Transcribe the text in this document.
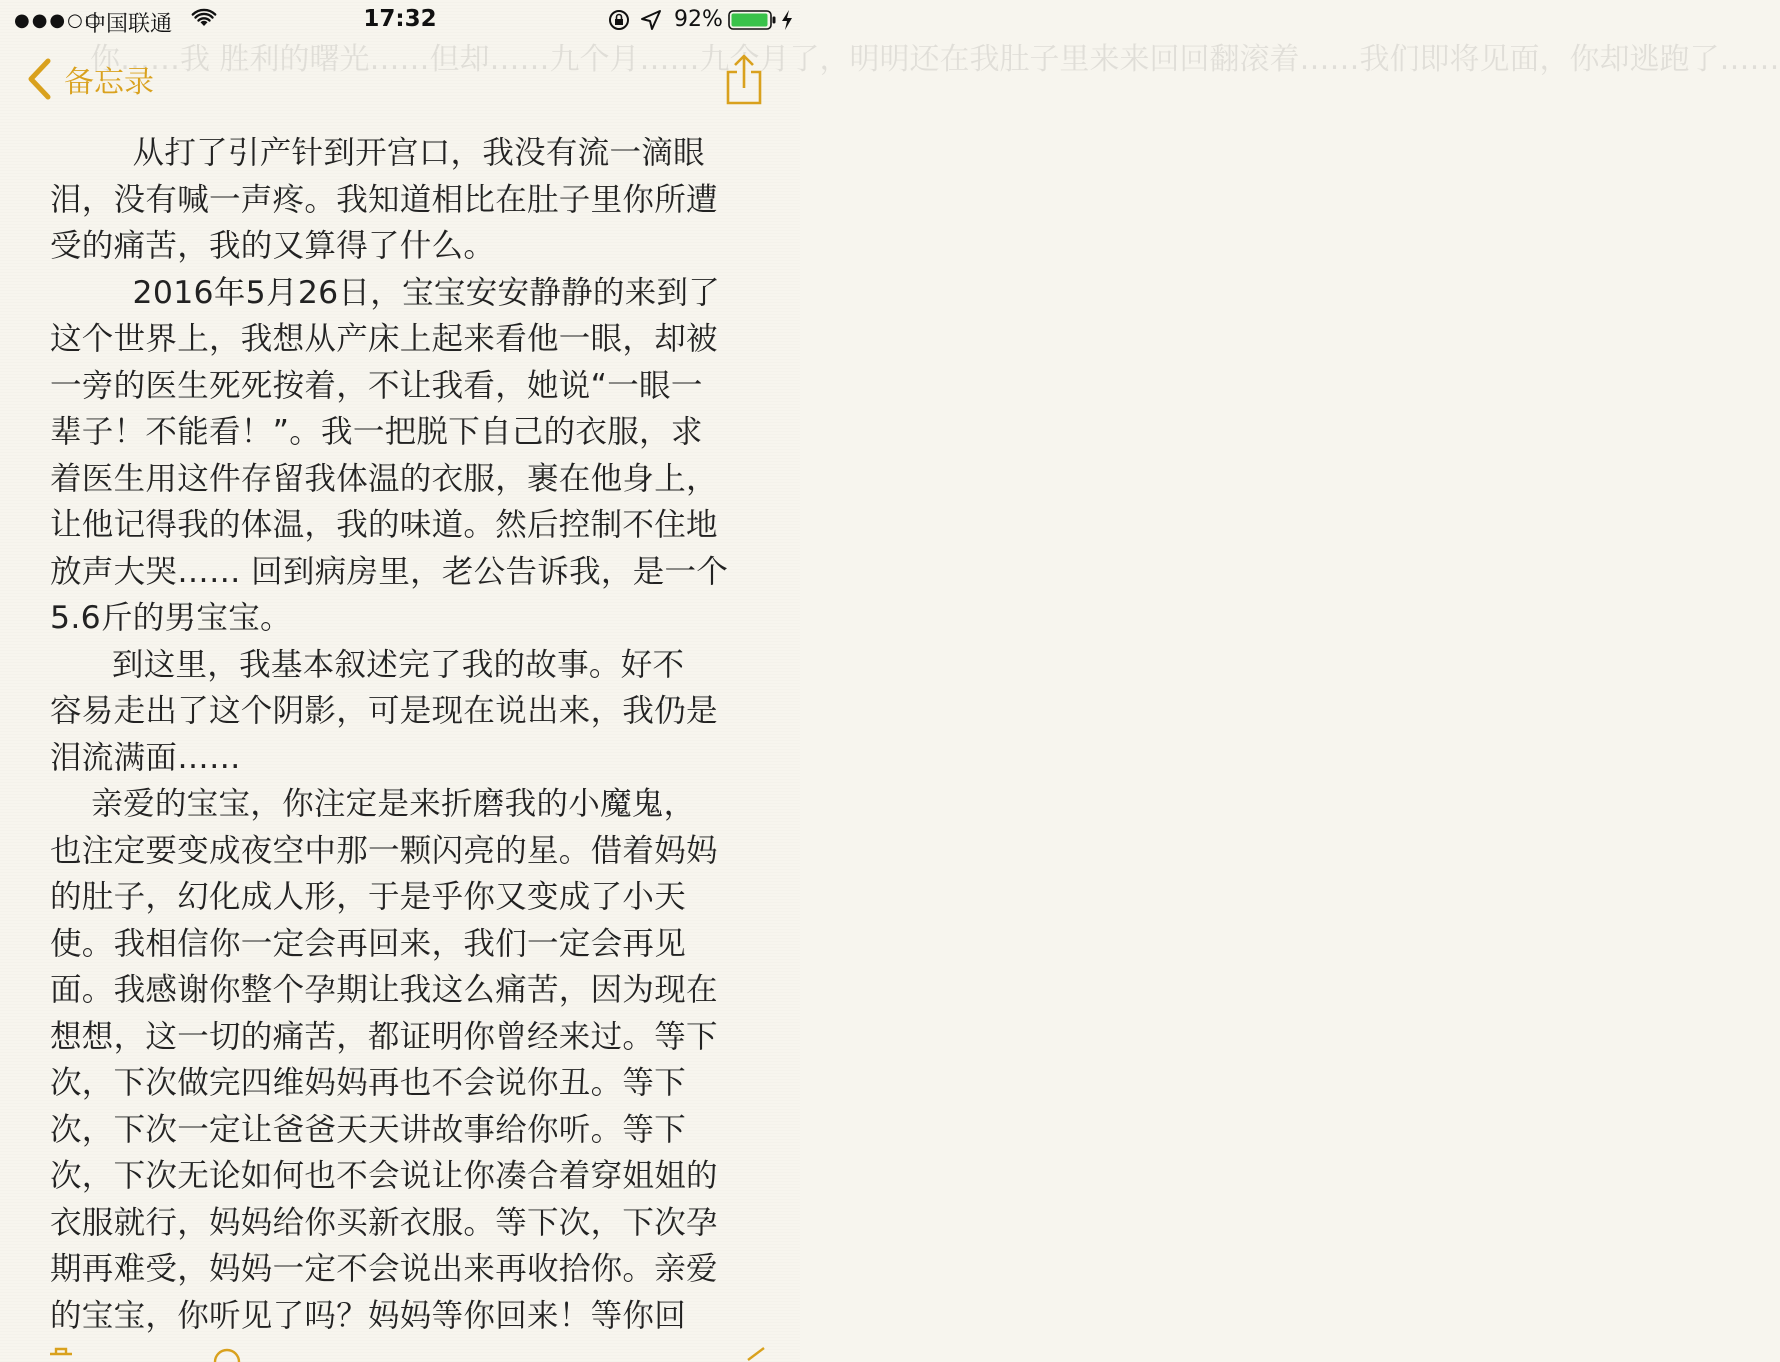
●●●○○
中国联通	17:32	92%
你……我 胜利的曙光……但却……九个月……九个月了，明明还在我肚子里来来回回翻滚着……我们即将见面，你却逃跑了……
备忘录

从打了引产针到开宫口，我没有流一滴眼

泪，没有喊一声疼。我知道相比在肚子里你所遭

受的痛苦，我的又算得了什么。

2016年5月26日，宝宝安安静静的来到了

这个世界上，我想从产床上起来看他一眼，却被

一旁的医生死死按着，不让我看，她说“一眼一

辈子！不能看！”。我一把脱下自己的衣服，求

着医生用这件存留我体温的衣服，裹在他身上，

让他记得我的体温，我的味道。然后控制不住地

放声大哭…… 回到病房里，老公告诉我，是一个

5.6斤的男宝宝。

到这里，我基本叙述完了我的故事。好不

容易走出了这个阴影，可是现在说出来，我仍是

泪流满面……

亲爱的宝宝，你注定是来折磨我的小魔鬼，

也注定要变成夜空中那一颗闪亮的星。借着妈妈

的肚子，幻化成人形，于是乎你又变成了小天

使。我相信你一定会再回来，我们一定会再见

面。我感谢你整个孕期让我这么痛苦，因为现在

想想，这一切的痛苦，都证明你曾经来过。等下

次，下次做完四维妈妈再也不会说你丑。等下

次，下次一定让爸爸天天讲故事给你听。等下

次，下次无论如何也不会说让你凑合着穿姐姐的

衣服就行，妈妈给你买新衣服。等下次，下次孕

期再难受，妈妈一定不会说出来再收拾你。亲爱

的宝宝，你听见了吗？妈妈等你回来！等你回
